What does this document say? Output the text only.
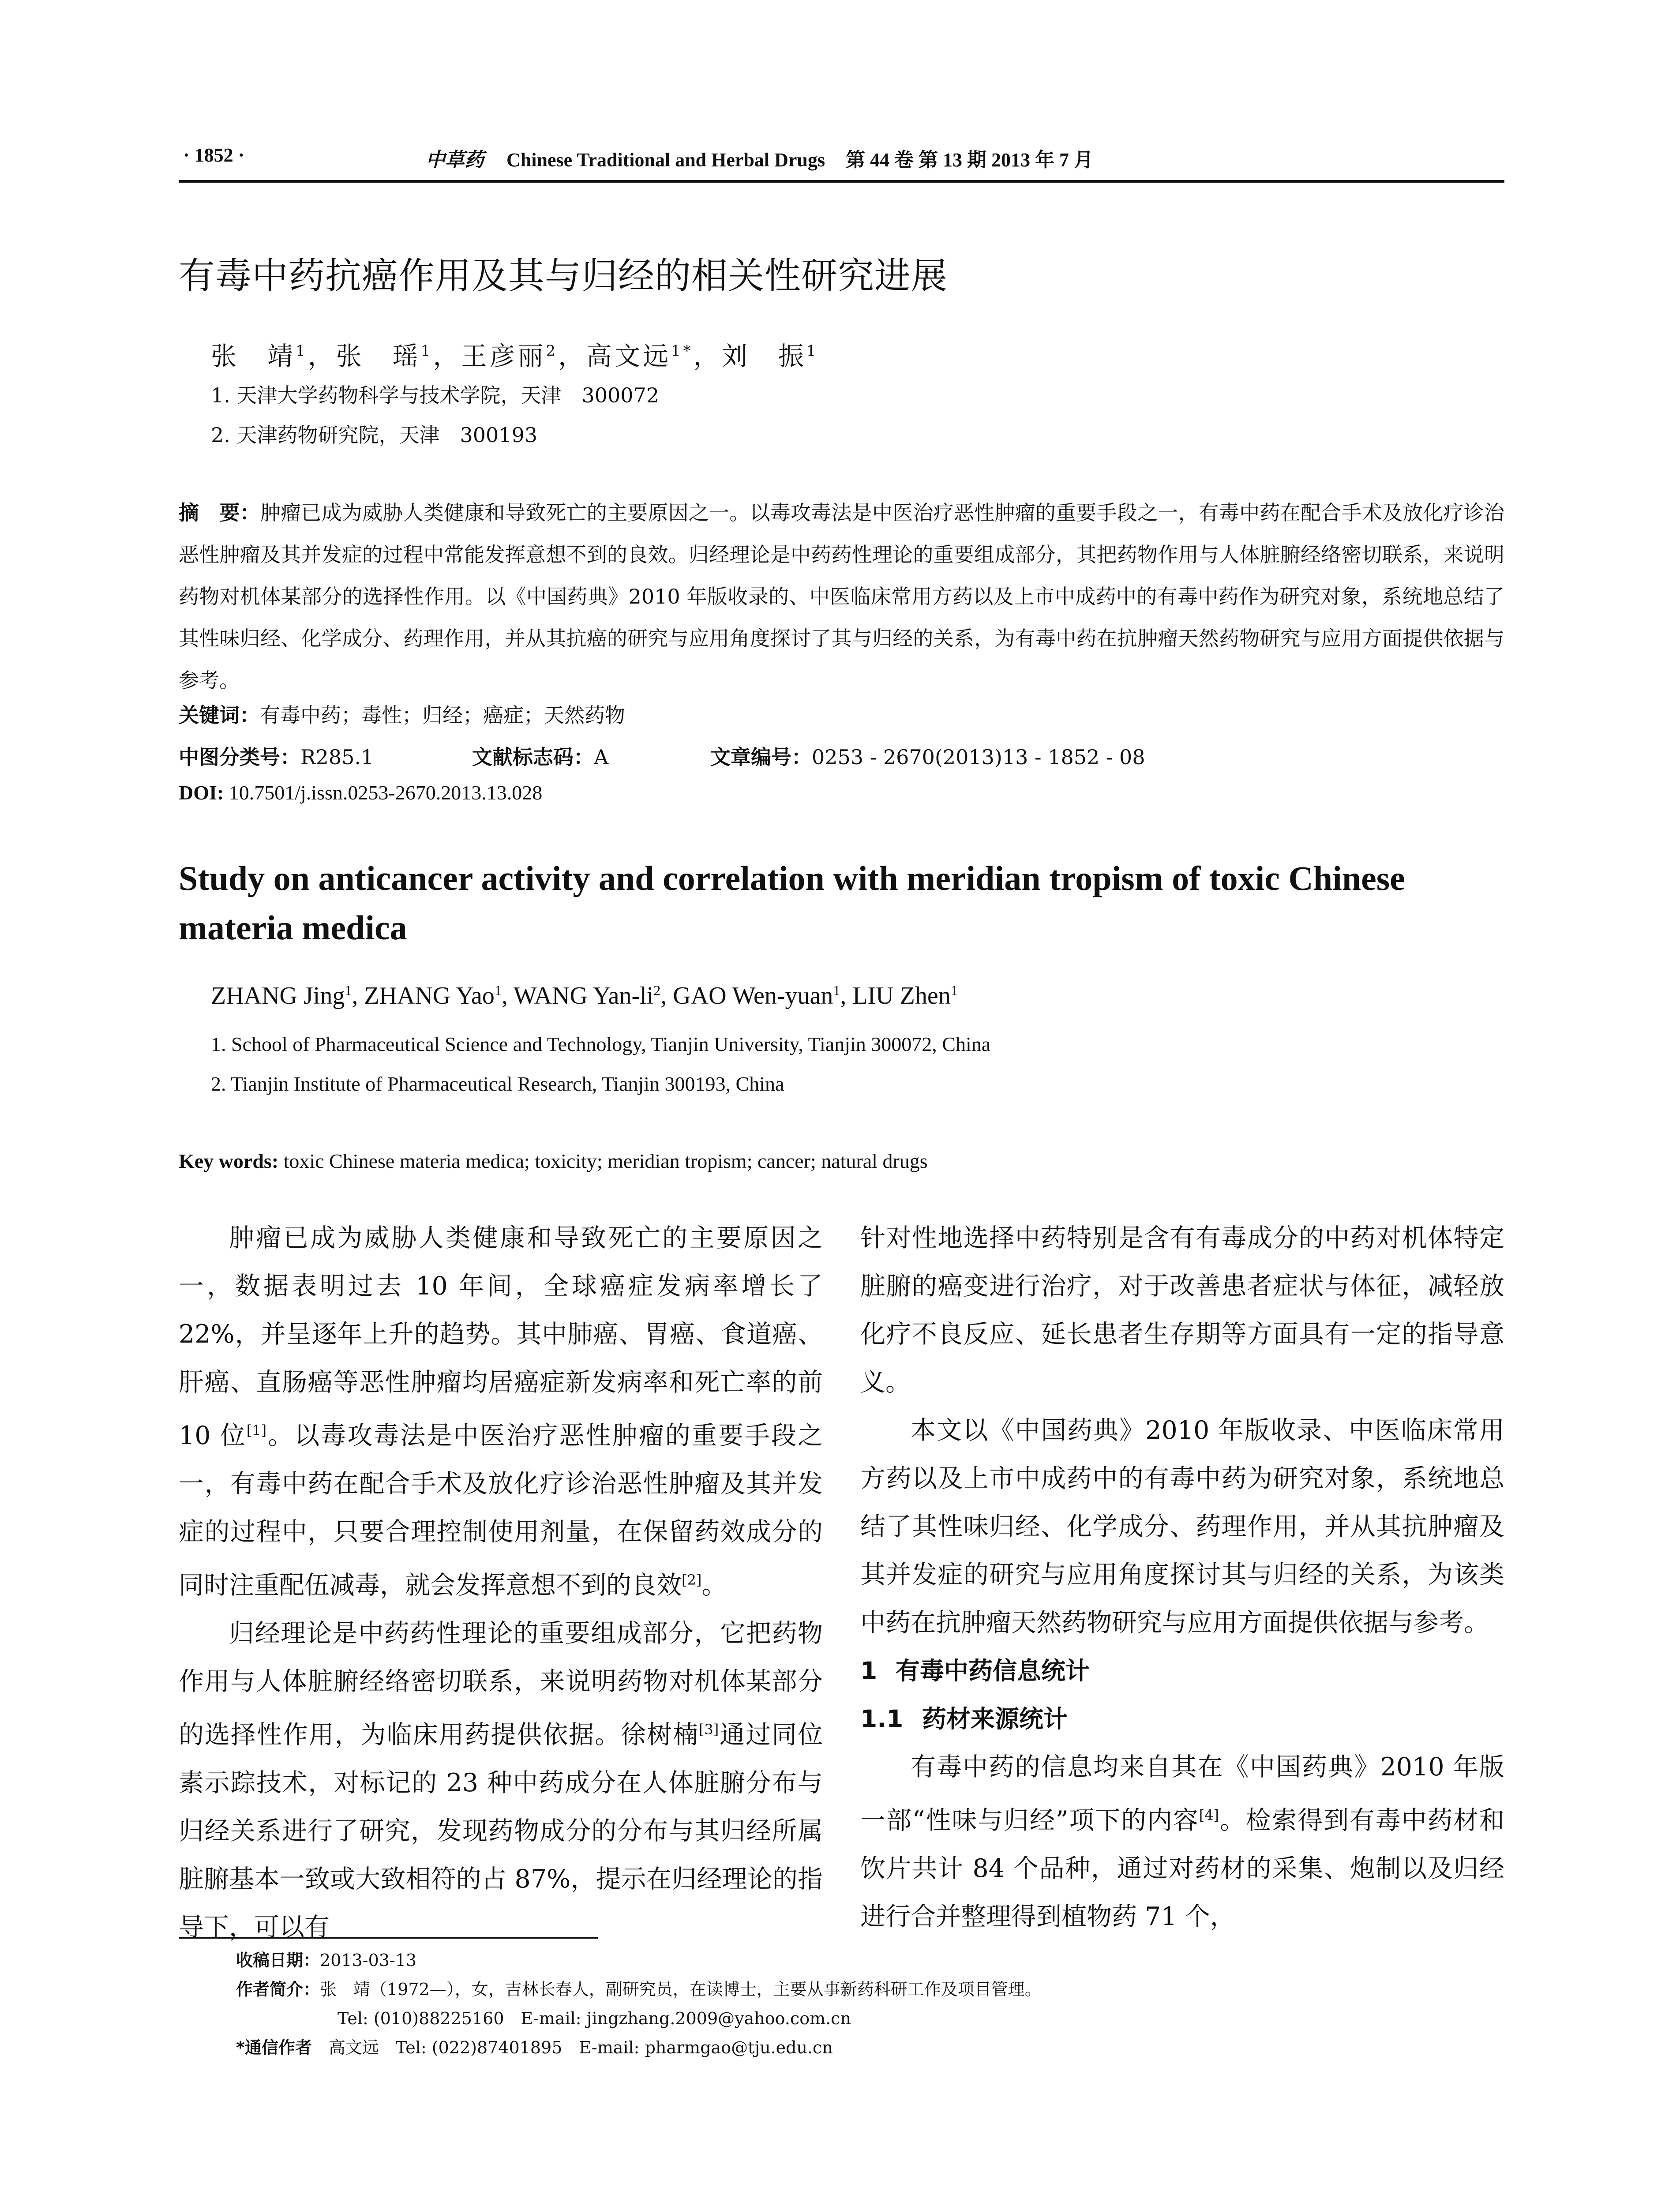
· 1852 ·	中草药 Chinese Traditional and Herbal Drugs 第 44 卷 第 13 期 2013 年 7 月
有毒中药抗癌作用及其与归经的相关性研究进展
张　靖$^1$，张　瑶$^1$，王彦丽$^2$，高文远$^{1*}$，刘　振$^1$
1. 天津大学药物科学与技术学院，天津　300072
2. 天津药物研究院，天津　300193
摘　要：肿瘤已成为威胁人类健康和导致死亡的主要原因之一。以毒攻毒法是中医治疗恶性肿瘤的重要手段之一，有毒中药在配合手术及放化疗诊治恶性肿瘤及其并发症的过程中常能发挥意想不到的良效。归经理论是中药药性理论的重要组成部分，其把药物作用与人体脏腑经络密切联系，来说明药物对机体某部分的选择性作用。以《中国药典》2010 年版收录的、中医临床常用方药以及上市中成药中的有毒中药作为研究对象，系统地总结了其性味归经、化学成分、药理作用，并从其抗癌的研究与应用角度探讨了其与归经的关系，为有毒中药在抗肿瘤天然药物研究与应用方面提供依据与参考。
关键词：有毒中药；毒性；归经；癌症；天然药物
中图分类号：R285.1	文献标志码：A	文章编号：0253 - 2670(2013)13 - 1852 - 08
DOI: 10.7501/j.issn.0253-2670.2013.13.028
Study on anticancer activity and correlation with meridian tropism of toxic Chinese materia medica
ZHANG Jing$^1$, ZHANG Yao$^1$, WANG Yan-$li^2$, GAO Wen-yuan$^1$, LIU Zhen$^1$
1. School of Pharmaceutical Science and Technology, Tianjin University, Tianjin 300072, China
2. Tianjin Institute of Pharmaceutical Research, Tianjin 300193, China
Key words: toxic Chinese materia medica; toxicity; meridian tropism; cancer; natural drugs

肿瘤已成为威胁人类健康和导致死亡的主要原因之一，数据表明过去 10 年间，全球癌症发病率增长了 22%，并呈逐年上升的趋势。其中肺癌、胃癌、食道癌、肝癌、直肠癌等恶性肿瘤均居癌症新发病率和死亡率的前 10 位[1]。以毒攻毒法是中医治疗恶性肿瘤的重要手段之一，有毒中药在配合手术及放化疗诊治恶性肿瘤及其并发症的过程中，只要合理控制使用剂量，在保留药效成分的同时注重配伍减毒，就会发挥意想不到的良效[2]。

归经理论是中药药性理论的重要组成部分，它把药物作用与人体脏腑经络密切联系，来说明药物对机体某部分的选择性作用，为临床用药提供依据。徐树楠[3]通过同位素示踪技术，对标记的 23 种中药成分在人体脏腑分布与归经关系进行了研究，发现药物成分的分布与其归经所属脏腑基本一致或大致相符的占 87%，提示在归经理论的指导下，可以有

针对性地选择中药特别是含有有毒成分的中药对机体特定脏腑的癌变进行治疗，对于改善患者症状与体征，减轻放化疗不良反应、延长患者生存期等方面具有一定的指导意义。

本文以《中国药典》2010 年版收录、中医临床常用方药以及上市中成药中的有毒中药为研究对象，系统地总结了其性味归经、化学成分、药理作用，并从其抗肿瘤及其并发症的研究与应用角度探讨其与归经的关系，为该类中药在抗肿瘤天然药物研究与应用方面提供依据与参考。

1 有毒中药信息统计
1.1 药材来源统计

有毒中药的信息均来自其在《中国药典》2010 年版一部“性味与归经”项下的内容[4]。检索得到有毒中药材和饮片共计 84 个品种，通过对药材的采集、炮制以及归经进行合并整理得到植物药 71 个，

收稿日期：2013-03-13
作者简介：张　靖（1972—），女，吉林长春人，副研究员，在读博士，主要从事新药科研工作及项目管理。
Tel: (010)88225160　E-mail: jingzhang.2009@yahoo.com.cn
*通信作者　 高文远　Tel: (022)87401895　E-mail: pharmgao@tju.edu.cn
